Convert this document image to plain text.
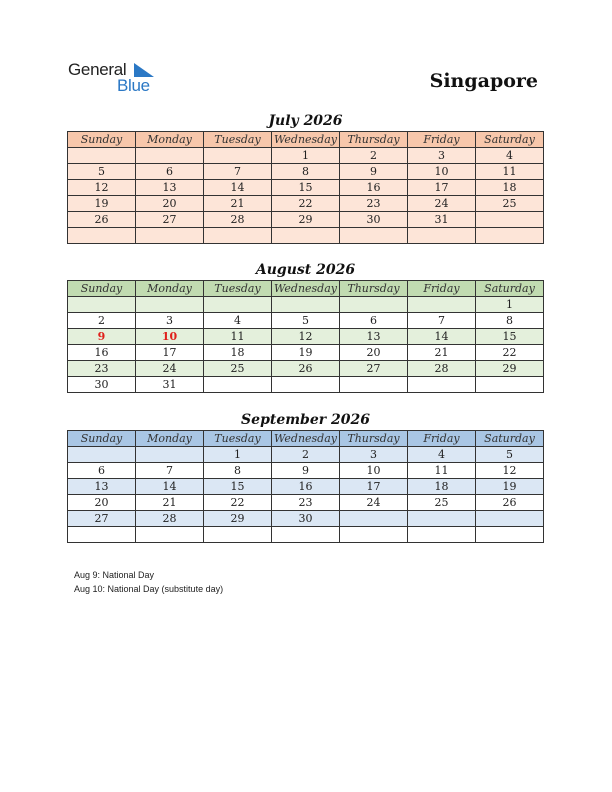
General
Blue	Singapore
July 2026
Sunday	Monday	Tuesday	Wednesday	Thursday	Friday	Saturday
			1	2	3	4
5	6	7	8	9	10	11
12	13	14	15	16	17	18
19	20	21	22	23	24	25
26	27	28	29	30	31	

August 2026
Sunday	Monday	Tuesday	Wednesday	Thursday	Friday	Saturday
						1
2	3	4	5	6	7	8
9	10	11	12	13	14	15
16	17	18	19	20	21	22
23	24	25	26	27	28	29
30	31					
September 2026
Sunday	Monday	Tuesday	Wednesday	Thursday	Friday	Saturday
		1	2	3	4	5
6	7	8	9	10	11	12
13	14	15	16	17	18	19
20	21	22	23	24	25	26
27	28	29	30			

Aug 9: National Day
Aug 10: National Day (substitute day)
